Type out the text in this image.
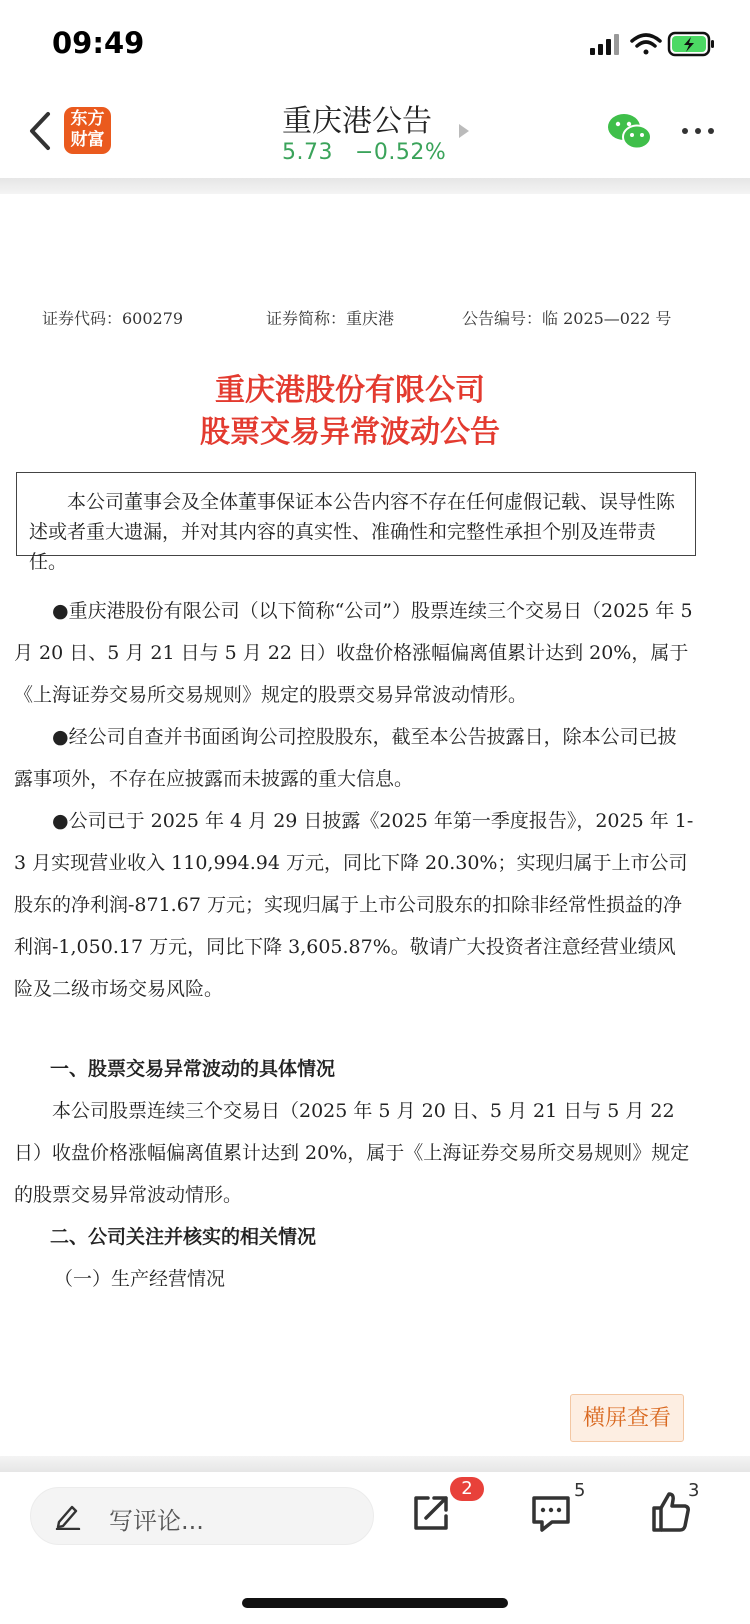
09:49
东方
财富
重庆港公告
5.73 −0.52%
证券代码：600279	证券简称：重庆港	公告编号：临 2025—022 号
重庆港股份有限公司
股票交易异常波动公告
本公司董事会及全体董事保证本公告内容不存在任何虚假记载、误导性陈述或者重大遗漏，并对其内容的真实性、准确性和完整性承担个别及连带责任。
●重庆港股份有限公司（以下简称“公司”）股票连续三个交易日（2025 年 5 月 20 日、5 月 21 日与 5 月 22 日）收盘价格涨幅偏离值累计达到 20%，属于《上海证券交易所交易规则》规定的股票交易异常波动情形。
●经公司自查并书面函询公司控股股东，截至本公告披露日，除本公司已披露事项外，不存在应披露而未披露的重大信息。
●公司已于 2025 年 4 月 29 日披露《2025 年第一季度报告》，2025 年 1-3 月实现营业收入 110,994.94 万元，同比下降 20.30%；实现归属于上市公司股东的净利润-871.67 万元；实现归属于上市公司股东的扣除非经常性损益的净利润-1,050.17 万元，同比下降 3,605.87%。敬请广大投资者注意经营业绩风险及二级市场交易风险。
一、股票交易异常波动的具体情况
本公司股票连续三个交易日（2025 年 5 月 20 日、5 月 21 日与 5 月 22 日）收盘价格涨幅偏离值累计达到 20%，属于《上海证券交易所交易规则》规定的股票交易异常波动情形。
二、公司关注并核实的相关情况
（一）生产经营情况
横屏查看
写评论...
2	5	3
